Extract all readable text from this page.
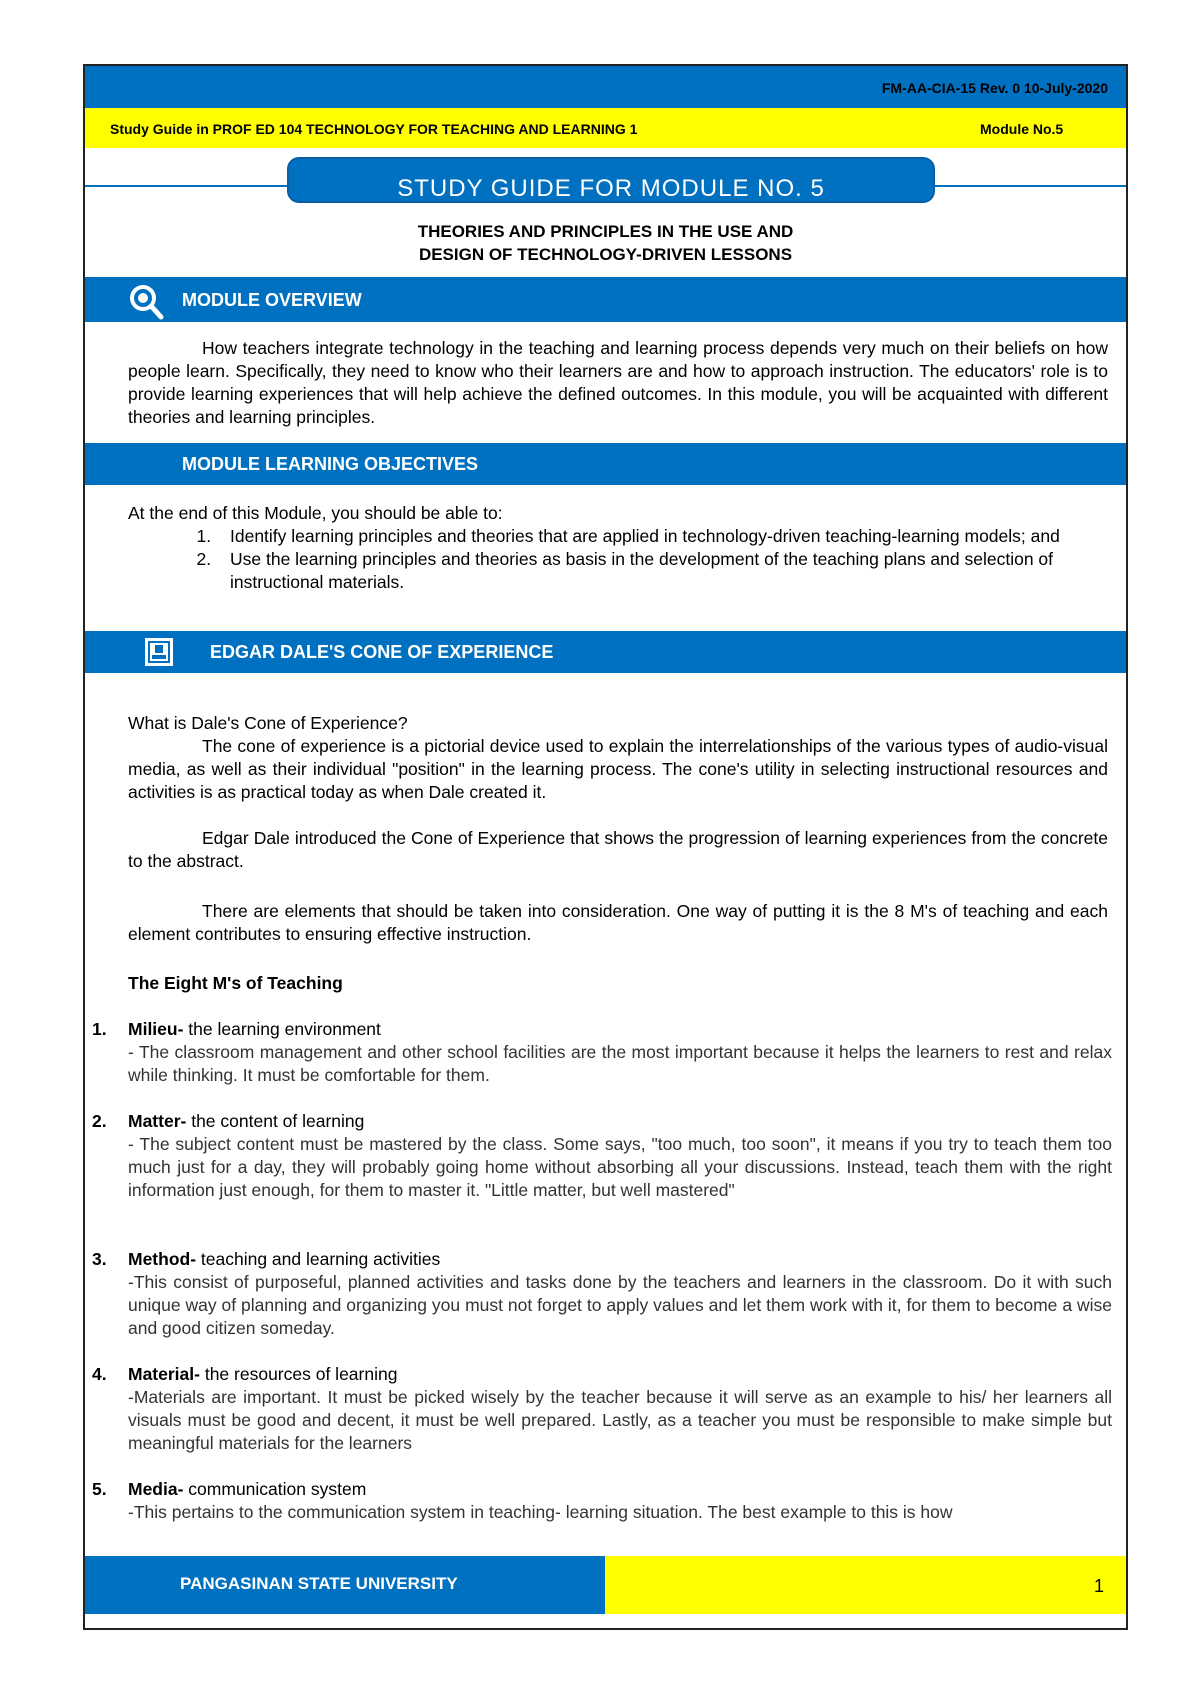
FM-AA-CIA-15 Rev. 0 10-July-2020
Study Guide in PROF ED 104 TECHNOLOGY FOR TEACHING AND LEARNING 1	Module No.5
STUDY GUIDE FOR MODULE NO. 5
THEORIES AND PRINCIPLES IN THE USE AND
DESIGN OF TECHNOLOGY-DRIVEN LESSONS
MODULE OVERVIEW
How teachers integrate technology in the teaching and learning process depends very much on their beliefs on how people learn. Specifically, they need to know who their learners are and how to approach instruction. The educators' role is to provide learning experiences that will help achieve the defined outcomes. In this module, you will be acquainted with different theories and learning principles.
MODULE LEARNING OBJECTIVES
At the end of this Module, you should be able to:
1. Identify learning principles and theories that are applied in technology-driven teaching-learning models; and
2. Use the learning principles and theories as basis in the development of the teaching plans and selection of instructional materials.
EDGAR DALE'S CONE OF EXPERIENCE
What is Dale's Cone of Experience?
The cone of experience is a pictorial device used to explain the interrelationships of the various types of audio-visual media, as well as their individual "position" in the learning process. The cone's utility in selecting instructional resources and activities is as practical today as when Dale created it.
Edgar Dale introduced the Cone of Experience that shows the progression of learning experiences from the concrete to the abstract.
There are elements that should be taken into consideration. One way of putting it is the 8 M's of teaching and each element contributes to ensuring effective instruction.
The Eight M's of Teaching
1. Milieu- the learning environment
- The classroom management and other school facilities are the most important because it helps the learners to rest and relax while thinking. It must be comfortable for them.
2. Matter- the content of learning
- The subject content must be mastered by the class. Some says, "too much, too soon", it means if you try to teach them too much just for a day, they will probably going home without absorbing all your discussions. Instead, teach them with the right information just enough, for them to master it. "Little matter, but well mastered"
3. Method- teaching and learning activities
-This consist of purposeful, planned activities and tasks done by the teachers and learners in the classroom. Do it with such unique way of planning and organizing you must not forget to apply values and let them work with it, for them to become a wise and good citizen someday.
4. Material- the resources of learning
-Materials are important. It must be picked wisely by the teacher because it will serve as an example to his/ her learners all visuals must be good and decent, it must be well prepared. Lastly, as a teacher you must be responsible to make simple but meaningful materials for the learners
5. Media- communication system
-This pertains to the communication system in teaching- learning situation. The best example to this is how
PANGASINAN STATE UNIVERSITY	1
